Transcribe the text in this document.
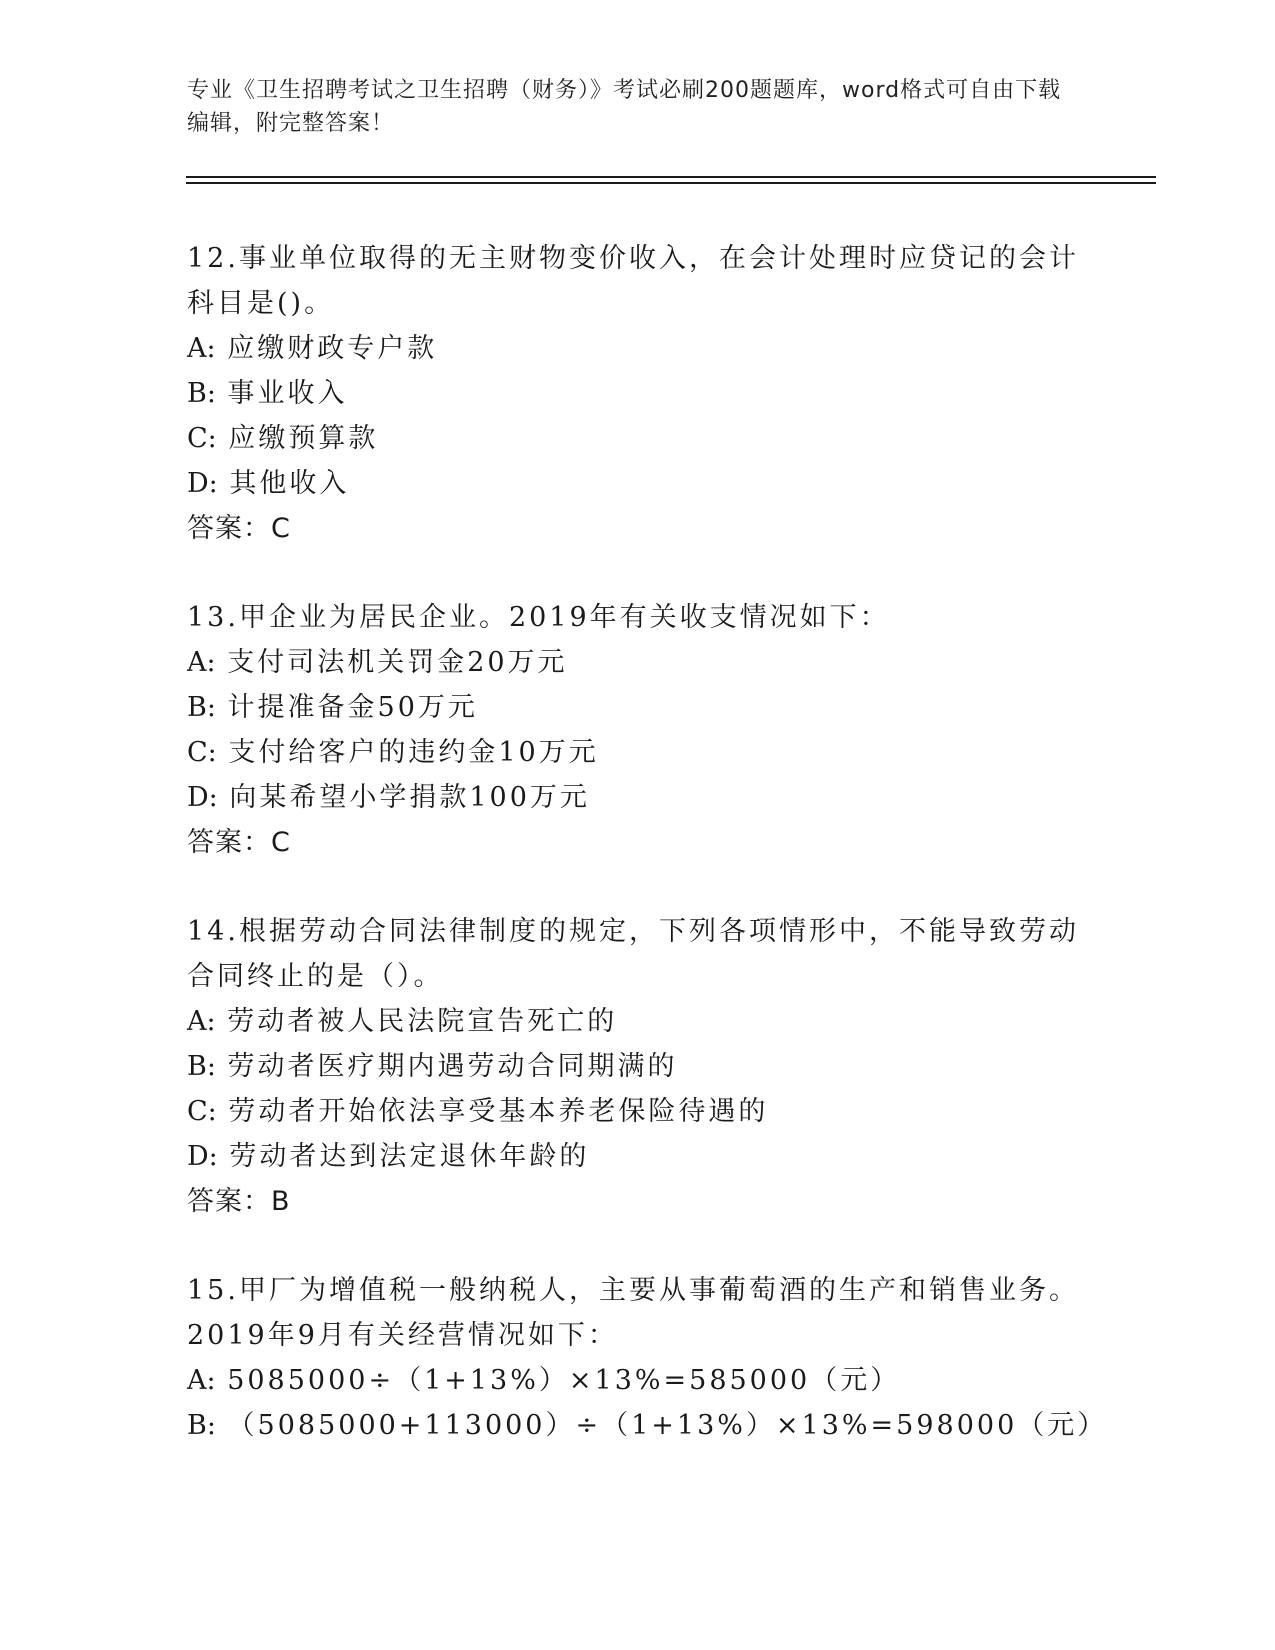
专业《卫生招聘考试之卫生招聘（财务）》考试必刷200题题库，word格式可自由下载编辑，附完整答案！

12.事业单位取得的无主财物变价收入，在会计处理时应贷记的会计科目是()。

A: 应缴财政专户款
B: 事业收入
C: 应缴预算款
D: 其他收入
答案：C

13.甲企业为居民企业。2019年有关收支情况如下：

A: 支付司法机关罚金20万元
B: 计提准备金50万元
C: 支付给客户的违约金10万元
D: 向某希望小学捐款100万元
答案：C

14.根据劳动合同法律制度的规定，下列各项情形中，不能导致劳动合同终止的是（）。

A: 劳动者被人民法院宣告死亡的
B: 劳动者医疗期内遇劳动合同期满的
C: 劳动者开始依法享受基本养老保险待遇的
D: 劳动者达到法定退休年龄的
答案：B

15.甲厂为增值税一般纳税人，主要从事葡萄酒的生产和销售业务。2019年9月有关经营情况如下：

A: 5085000÷（1+13%）×13%=585000（元）
B: （5085000+113000）÷（1+13%）×13%=598000（元）
